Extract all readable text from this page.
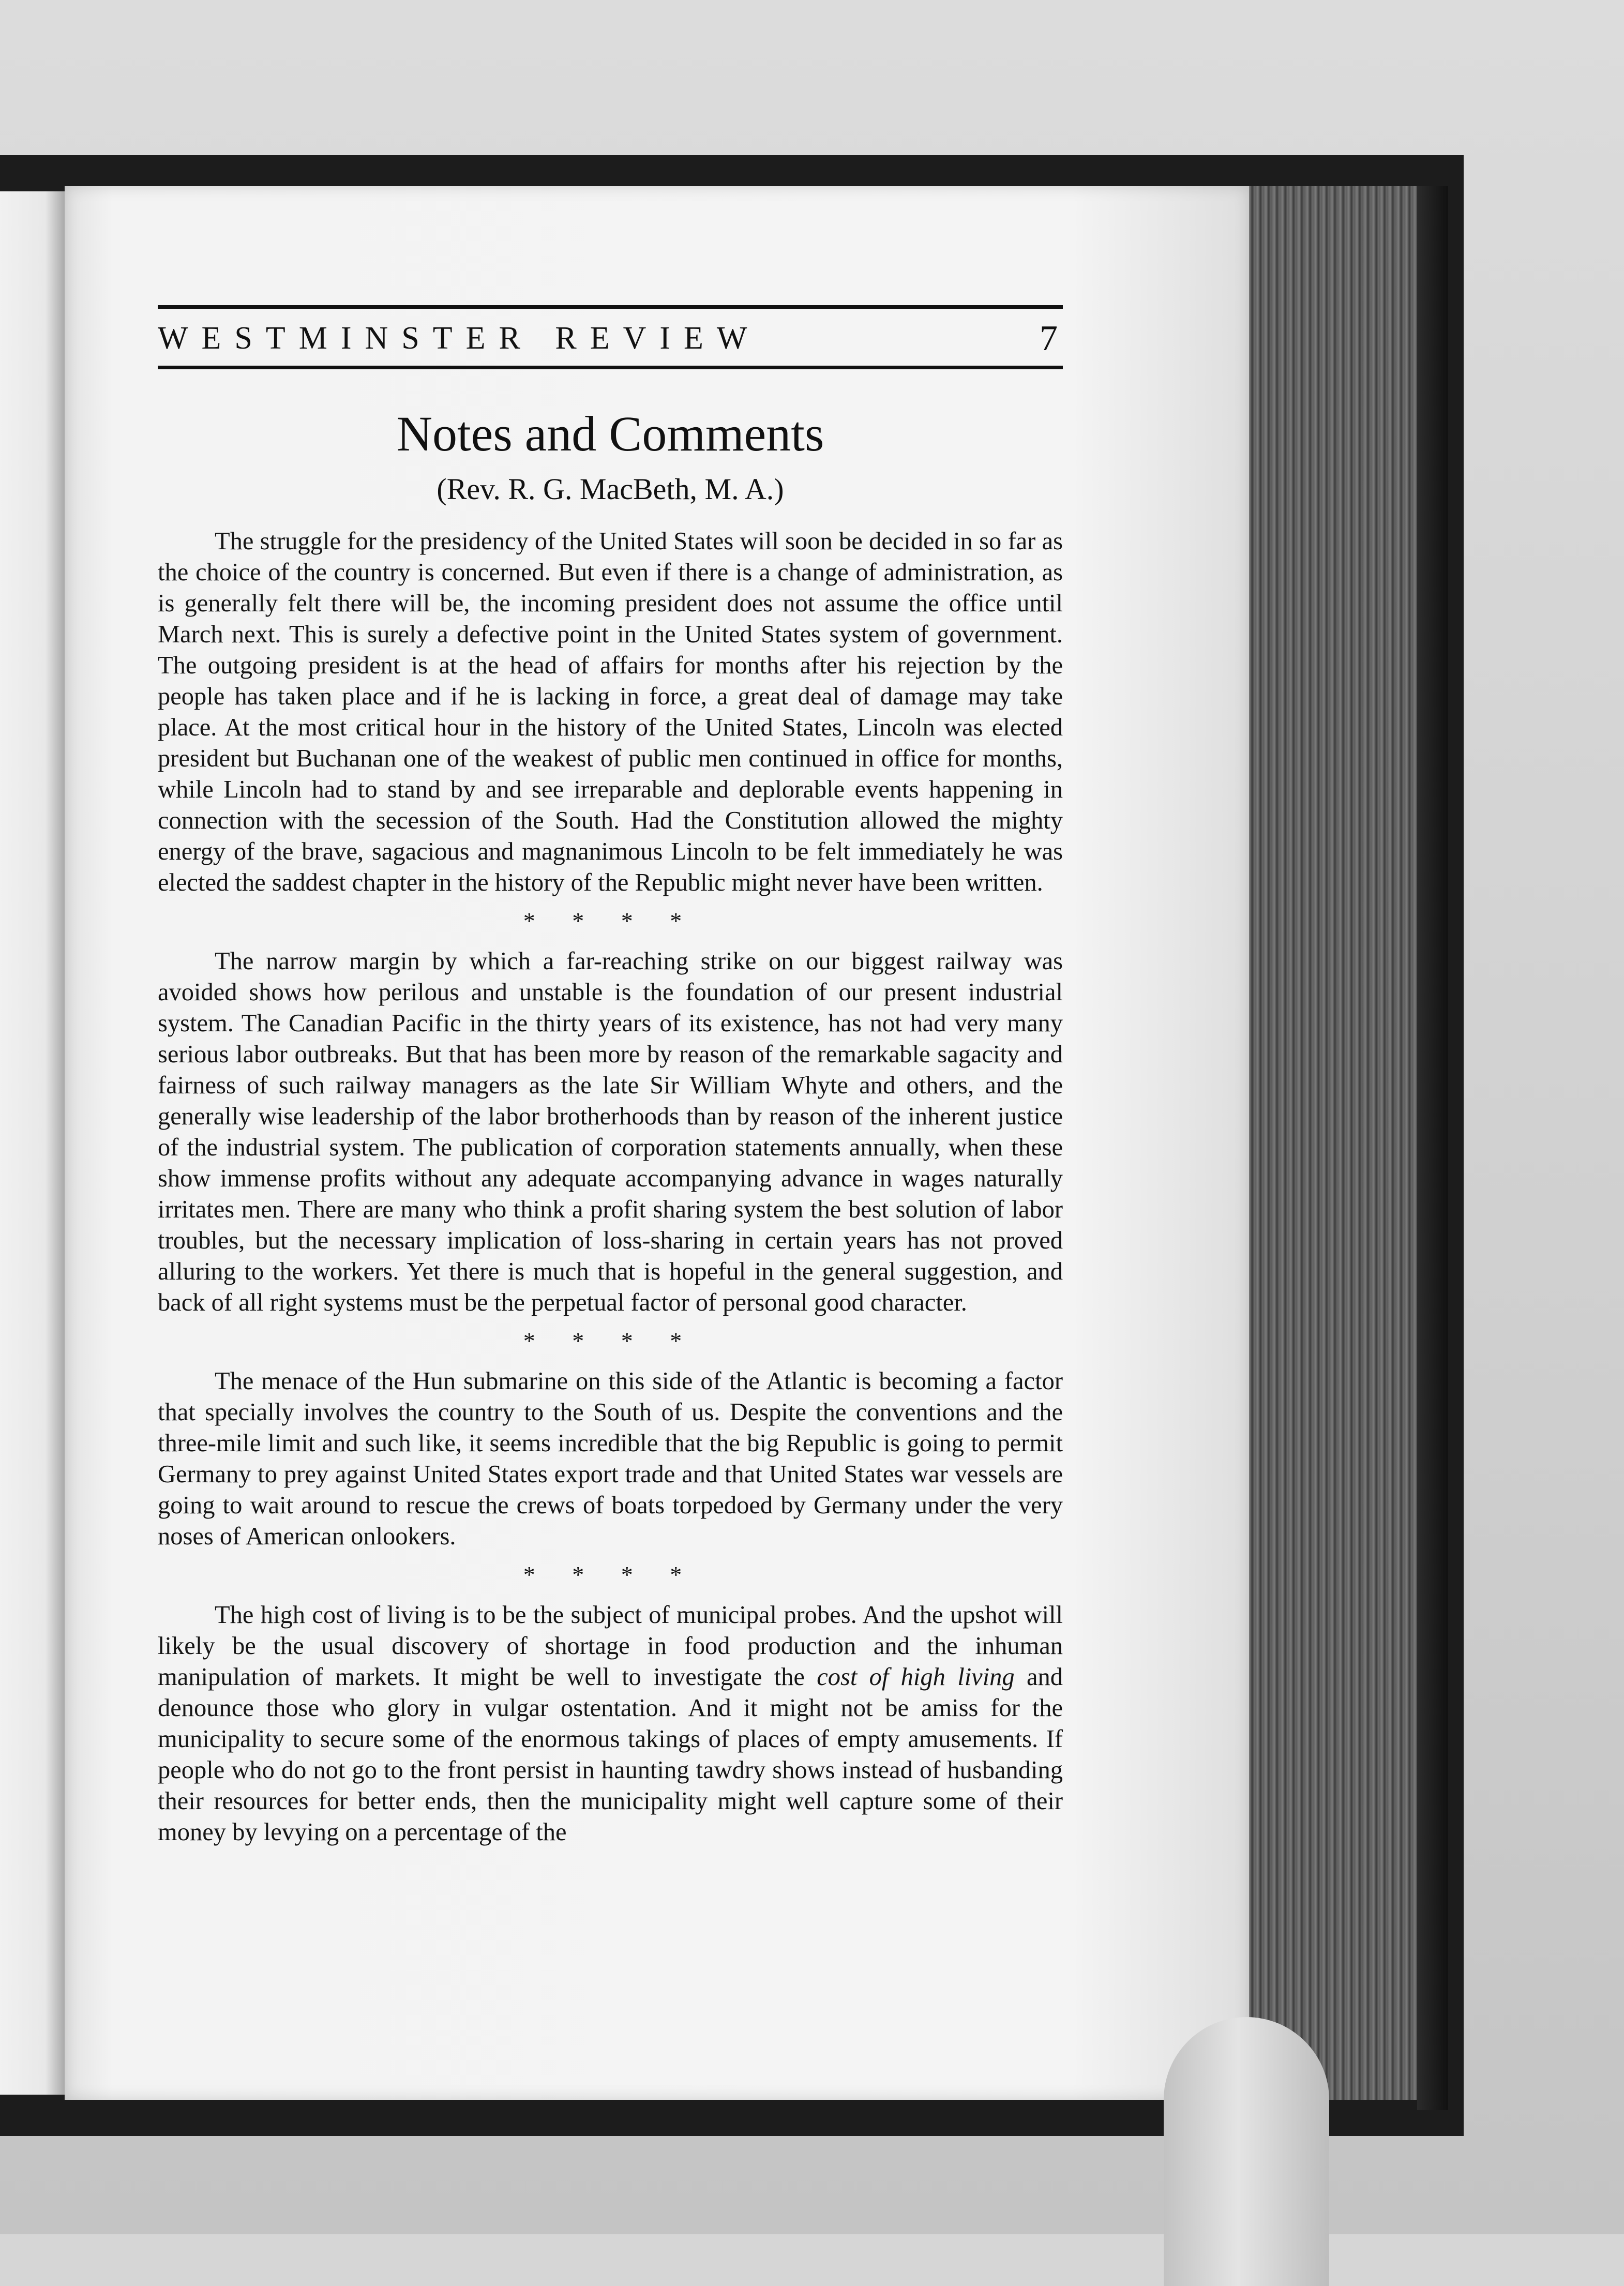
WESTMINSTER REVIEW	7
Notes and Comments
(Rev. R. G. MacBeth, M. A.)

The struggle for the presidency of the United States will soon be decided in so far as the choice of the country is concerned. But even if there is a change of administration, as is generally felt there will be, the incoming president does not assume the office until March next. This is surely a defective point in the United States system of government. The outgoing president is at the head of affairs for months after his rejection by the people has taken place and if he is lacking in force, a great deal of damage may take place. At the most critical hour in the history of the United States, Lincoln was elected president but Buchanan one of the weakest of public men continued in office for months, while Lincoln had to stand by and see irreparable and deplorable events happening in connection with the secession of the South. Had the Constitution allowed the mighty energy of the brave, sagacious and magnanimous Lincoln to be felt immediately he was elected the saddest chapter in the history of the Republic might never have been written.

* * * *

The narrow margin by which a far-reaching strike on our biggest railway was avoided shows how perilous and unstable is the foundation of our present industrial system. The Canadian Pacific in the thirty years of its existence, has not had very many serious labor outbreaks. But that has been more by reason of the remarkable sagacity and fairness of such railway managers as the late Sir William Whyte and others, and the generally wise leadership of the labor brotherhoods than by reason of the inherent justice of the industrial system. The publication of corporation statements annually, when these show immense profits without any adequate accompanying advance in wages naturally irritates men. There are many who think a profit sharing system the best solution of labor troubles, but the necessary implication of loss-sharing in certain years has not proved alluring to the workers. Yet there is much that is hopeful in the general suggestion, and back of all right systems must be the perpetual factor of personal good character.

* * * *

The menace of the Hun submarine on this side of the Atlantic is becoming a factor that specially involves the country to the South of us. Despite the conventions and the three-mile limit and such like, it seems incredible that the big Republic is going to permit Germany to prey against United States export trade and that United States war vessels are going to wait around to rescue the crews of boats torpedoed by Germany under the very noses of American onlookers.

* * * *

The high cost of living is to be the subject of municipal probes. And the upshot will likely be the usual discovery of shortage in food production and the inhuman manipulation of markets. It might be well to investigate the cost of high living and denounce those who glory in vulgar ostentation. And it might not be amiss for the municipality to secure some of the enormous takings of places of empty amusements. If people who do not go to the front persist in haunting tawdry shows instead of husbanding their resources for better ends, then the municipality might well capture some of their money by levying on a percentage of the
